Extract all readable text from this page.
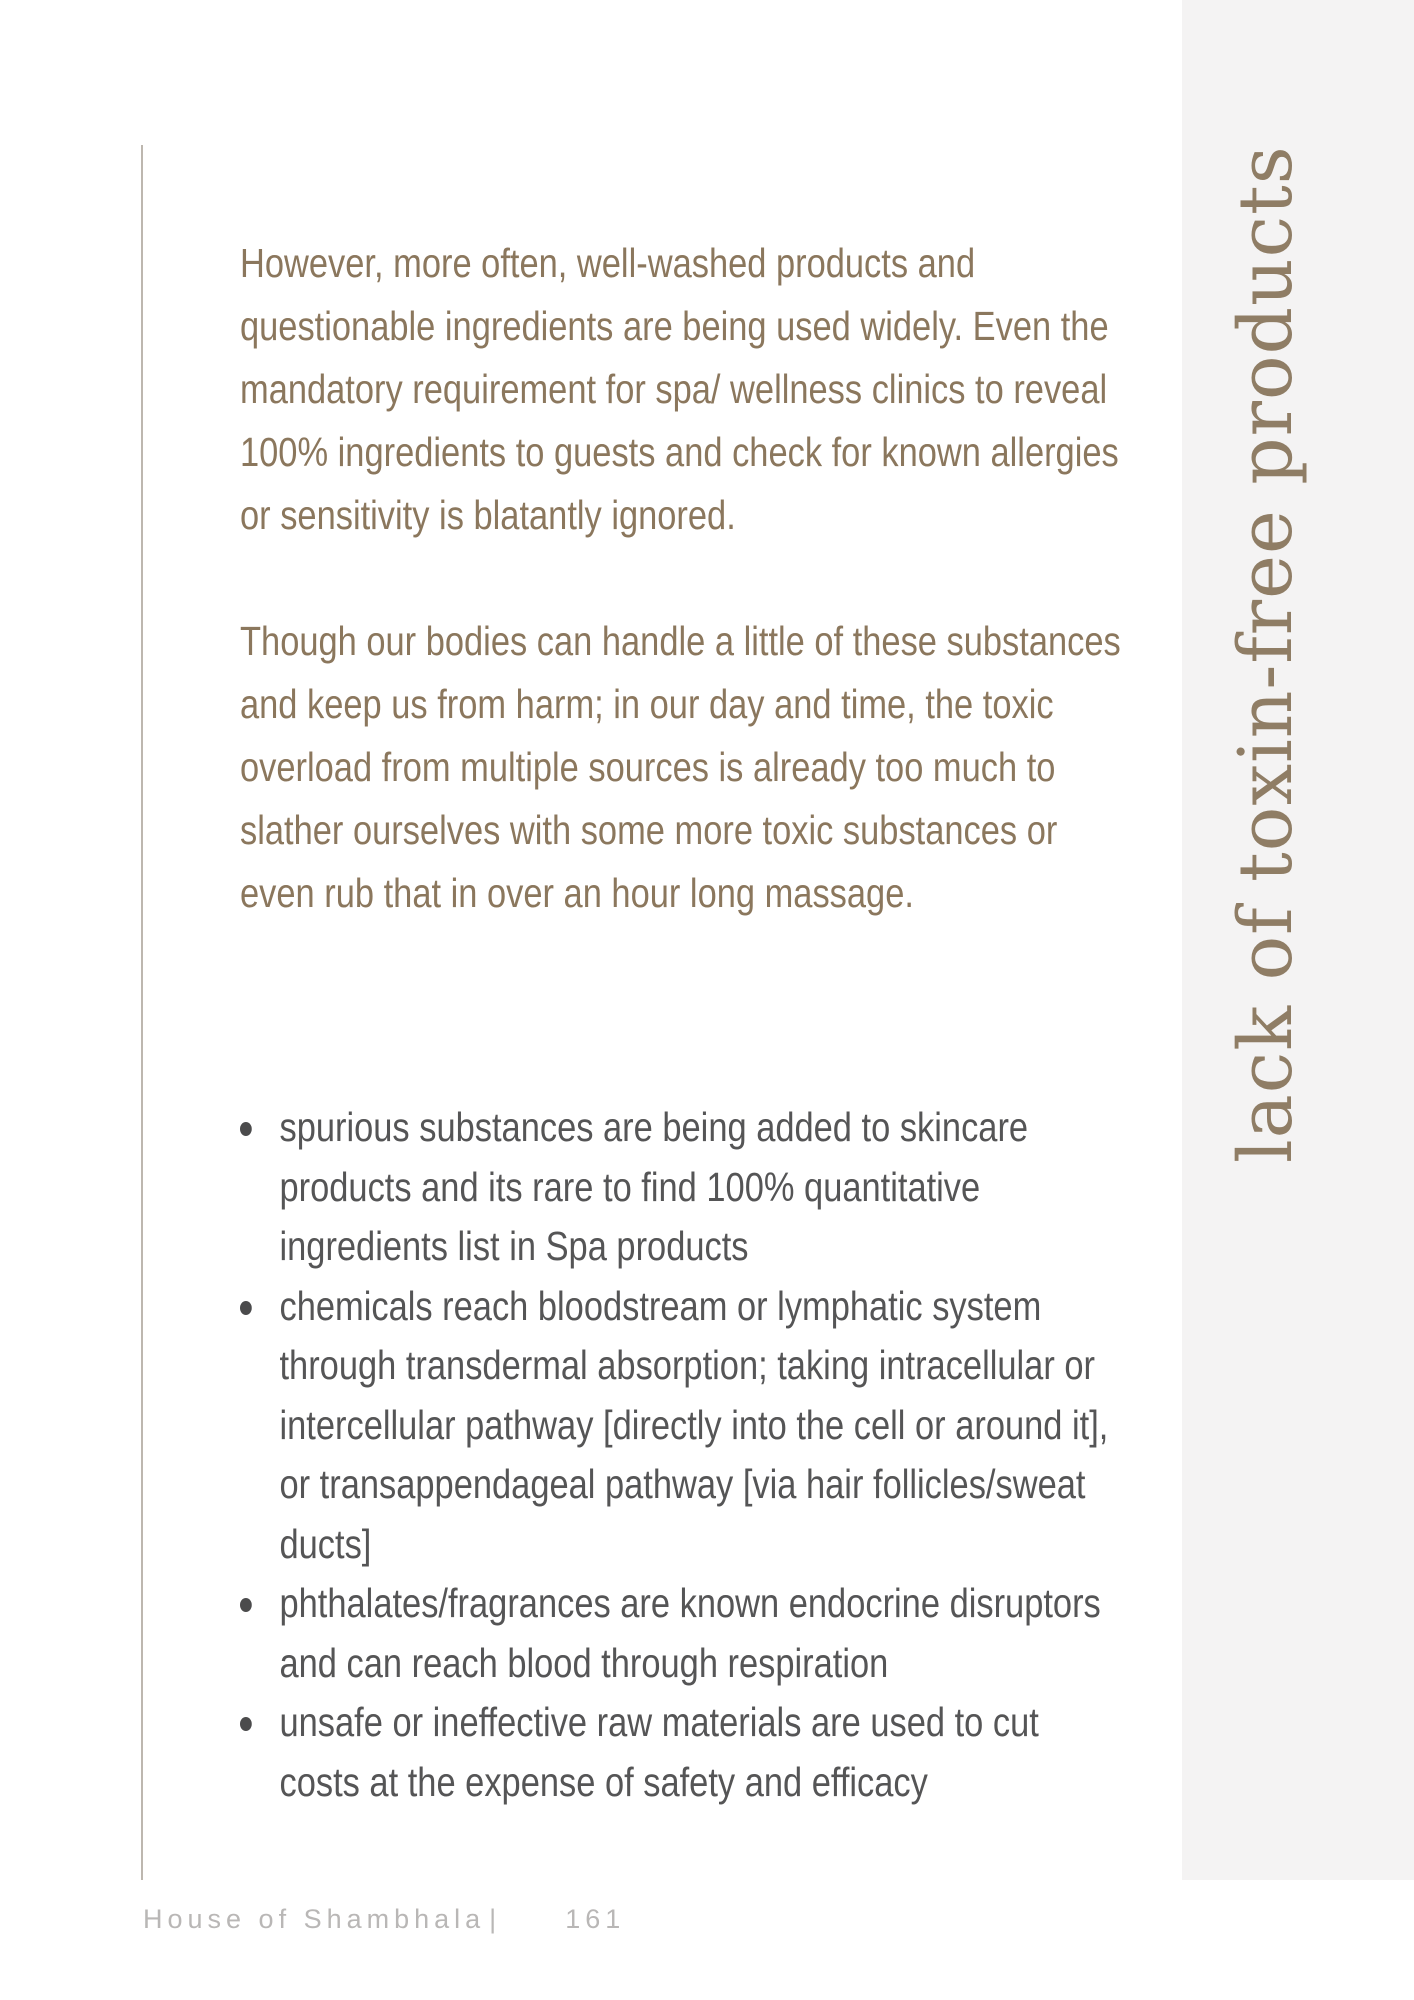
lack of toxin-free products

However, more often, well-washed products and questionable ingredients are being used widely. Even the mandatory requirement for spa/ wellness clinics to reveal 100% ingredients to guests and check for known allergies or sensitivity is blatantly ignored.

Though our bodies can handle a little of these substances and keep us from harm; in our day and time, the toxic overload from multiple sources is already too much to slather ourselves with some more toxic substances or even rub that in over an hour long massage.

spurious substances are being added to skincare products and its rare to find 100% quantitative ingredients list in Spa products
chemicals reach bloodstream or lymphatic system through transdermal absorption; taking intracellular or intercellular pathway [directly into the cell or around it], or transappendageal pathway [via hair follicles/sweat ducts]
phthalates/fragrances are known endocrine disruptors and can reach blood through respiration
unsafe or ineffective raw materials are used to cut costs at the expense of safety and efficacy
House of Shambhala | 161
